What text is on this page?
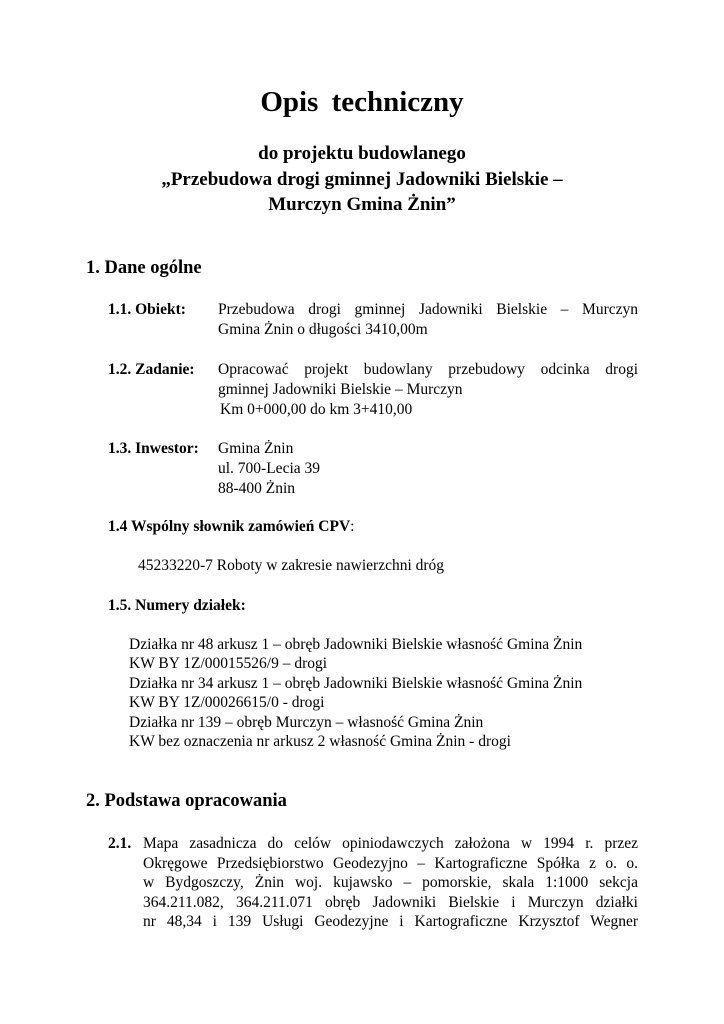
Opis techniczny
do projektu budowlanego
„Przebudowa drogi gminnej Jadowniki Bielskie –
Murczyn Gmina Żnin”
1. Dane ogólne
1.1. Obiekt: Przebudowa drogi gminnej Jadowniki Bielskie – Murczyn
Gmina Żnin o długości 3410,00m
1.2. Zadanie: Opracować projekt budowlany przebudowy odcinka drogi
gminnej Jadowniki Bielskie – Murczyn
Km 0+000,00 do km 3+410,00
1.3. Inwestor: Gmina Żnin
ul. 700-Lecia 39
88-400 Żnin
1.4 Wspólny słownik zamówień CPV:
45233220-7 Roboty w zakresie nawierzchni dróg
1.5. Numery działek:
Działka nr 48 arkusz 1 – obręb Jadowniki Bielskie własność Gmina Żnin
KW BY 1Z/00015526/9 – drogi
Działka nr 34 arkusz 1 – obręb Jadowniki Bielskie własność Gmina Żnin
KW BY 1Z/00026615/0 - drogi
Działka nr 139 – obręb Murczyn – własność Gmina Żnin
KW bez oznaczenia nr arkusz 2 własność Gmina Żnin - drogi
2. Podstawa opracowania
2.1. Mapa zasadnicza do celów opiniodawczych założona w 1994 r. przez
Okręgowe Przedsiębiorstwo Geodezyjno – Kartograficzne Spółka z o. o.
w Bydgoszczy, Żnin woj. kujawsko – pomorskie, skala 1:1000 sekcja
364.211.082, 364.211.071 obręb Jadowniki Bielskie i Murczyn działki
nr 48,34 i 139 Usługi Geodezyjne i Kartograficzne Krzysztof Wegner
